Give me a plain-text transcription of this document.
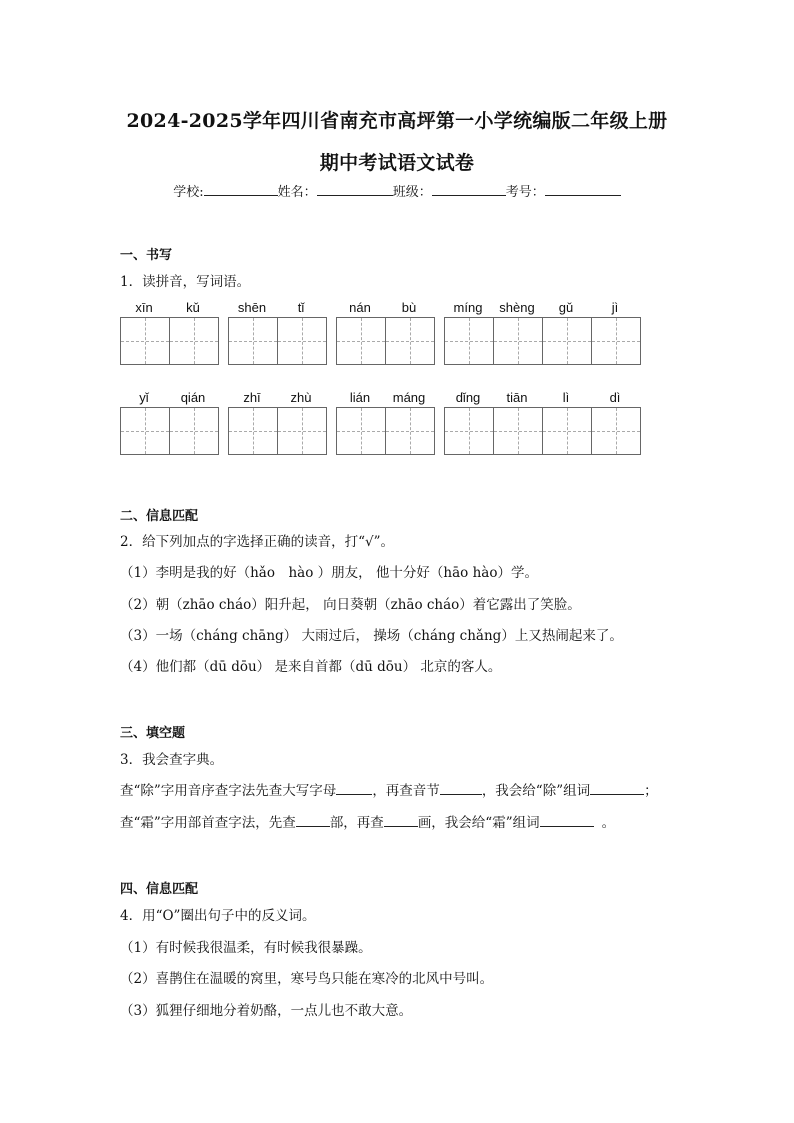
2024-2025学年四川省南充市高坪第一小学统编版二年级上册
期中考试语文试卷
学校:	姓名：	班级：	考号：
一、书写
1．读拼音，写词语。
xīn	kǔ	shēn	tǐ	nán	bù	míng	shèng	gǔ	jì
yǐ	qián	zhī	zhù	lián	máng	dǐng	tiān	lì	dì
二、信息匹配
2．给下列加点的字选择正确的读音，打“√”。
（1）李明是我的好（hǎo　hào ）朋友， 他十分好（hāo hào）学。
（2）朝（zhāo cháo）阳升起， 向日葵朝（zhāo cháo）着它露出了笑脸。
（3）一场（cháng chāng） 大雨过后， 操场（cháng chǎng）上又热闹起来了。
（4）他们都（dū dōu） 是来自首都（dū dōu） 北京的客人。
三、填空题
3．我会查字典。
查“除”字用音序查字法先查大写字母	，再查音节	，我会给“除”组词	；
查“霜”字用部首查字法，先查	部，再查	画，我会给“霜”组词	。
四、信息匹配
4．用“O”圈出句子中的反义词。
（1）有时候我很温柔，有时候我很暴躁。
（2）喜鹊住在温暖的窝里，寒号鸟只能在寒冷的北风中号叫。
（3）狐狸仔细地分着奶酪，一点儿也不敢大意。
